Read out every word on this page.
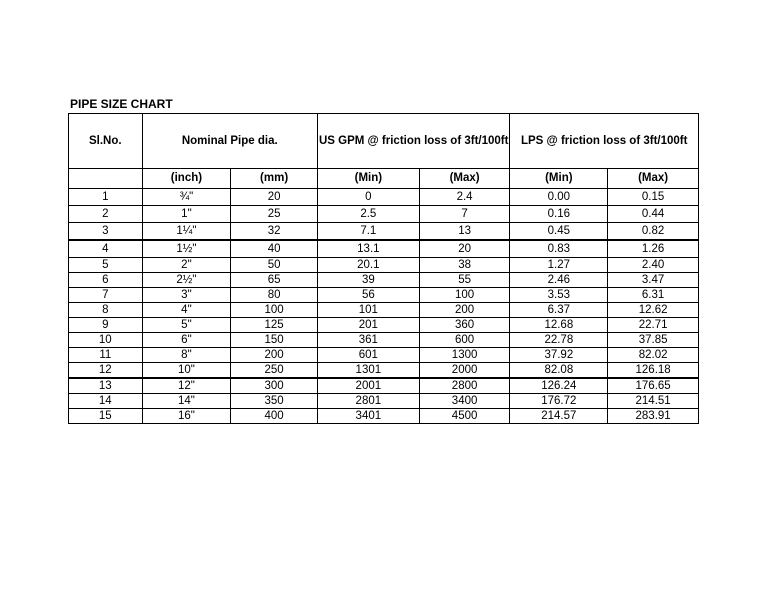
PIPE SIZE CHART
Sl.No.	Nominal Pipe dia.		US GPM @ friction loss of 3ft/100ft		LPS @ friction loss of 3ft/100ft	
	(inch)	(mm)	(Min)	(Max)	(Min)	(Max)
1	¾"	20	0	2.4	0.00	0.15
2	1"	25	2.5	7	0.16	0.44
3	1¼"	32	7.1	13	0.45	0.82
4	1½"	40	13.1	20	0.83	1.26
5	2"	50	20.1	38	1.27	2.40
6	2½"	65	39	55	2.46	3.47
7	3"	80	56	100	3.53	6.31
8	4"	100	101	200	6.37	12.62
9	5"	125	201	360	12.68	22.71
10	6"	150	361	600	22.78	37.85
11	8"	200	601	1300	37.92	82.02
12	10"	250	1301	2000	82.08	126.18
13	12"	300	2001	2800	126.24	176.65
14	14"	350	2801	3400	176.72	214.51
15	16"	400	3401	4500	214.57	283.91
